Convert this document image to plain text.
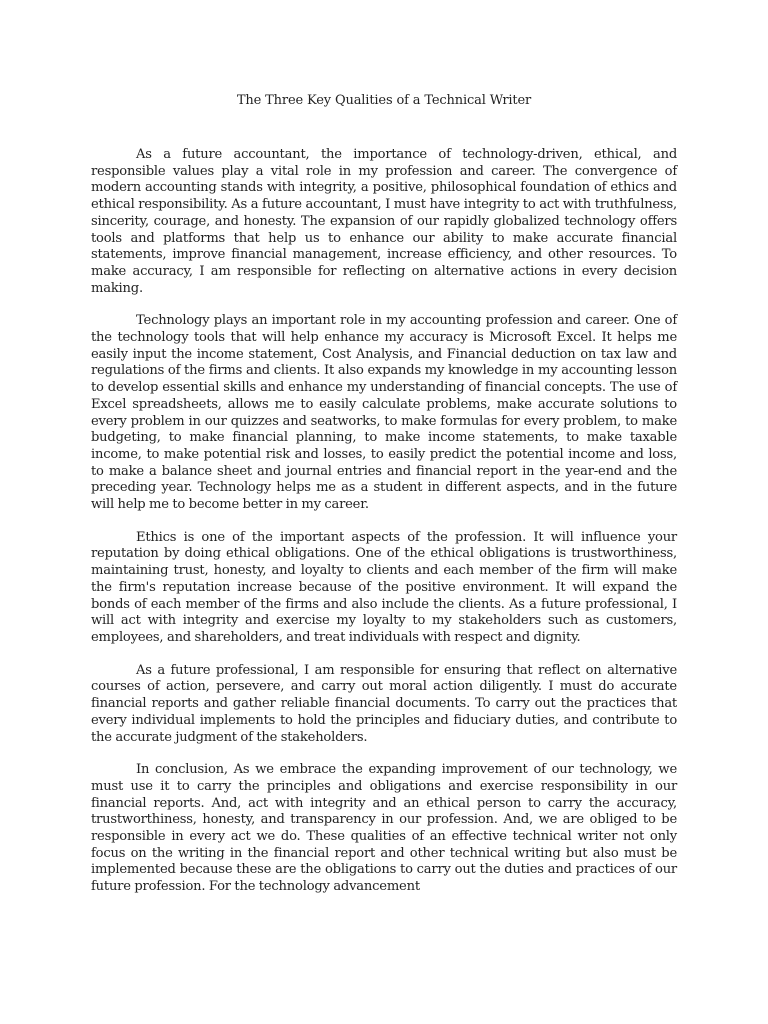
The Three Key Qualities of a Technical Writer

As a future accountant, the importance of technology-driven, ethical, and responsible values play a vital role in my profession and career. The convergence of modern accounting stands with integrity, a positive, philosophical foundation of ethics and ethical responsibility. As a future accountant, I must have integrity to act with truthfulness, sincerity, courage, and honesty. The expansion of our rapidly globalized technology offers tools and platforms that help us to enhance our ability to make accurate financial statements, improve financial management, increase efficiency, and other resources. To make accuracy, I am responsible for reflecting on alternative actions in every decision making.

Technology plays an important role in my accounting profession and career. One of the technology tools that will help enhance my accuracy is Microsoft Excel. It helps me easily input the income statement, Cost Analysis, and Financial deduction on tax law and regulations of the firms and clients. It also expands my knowledge in my accounting lesson to develop essential skills and enhance my understanding of financial concepts. The use of Excel spreadsheets, allows me to easily calculate problems, make accurate solutions to every problem in our quizzes and seatworks, to make formulas for every problem, to make budgeting, to make financial planning, to make income statements, to make taxable income, to make potential risk and losses, to easily predict the potential income and loss, to make a balance sheet and journal entries and financial report in the year-end and the preceding year. Technology helps me as a student in different aspects, and in the future will help me to become better in my career.

Ethics is one of the important aspects of the profession. It will influence your reputation by doing ethical obligations. One of the ethical obligations is trustworthiness, maintaining trust, honesty, and loyalty to clients and each member of the firm will make the firm's reputation increase because of the positive environment. It will expand the bonds of each member of the firms and also include the clients. As a future professional, I will act with integrity and exercise my loyalty to my stakeholders such as customers, employees, and shareholders, and treat individuals with respect and dignity.

As a future professional, I am responsible for ensuring that reflect on alternative courses of action, persevere, and carry out moral action diligently. I must do accurate financial reports and gather reliable financial documents. To carry out the practices that every individual implements to hold the principles and fiduciary duties, and contribute to the accurate judgment of the stakeholders.

In conclusion, As we embrace the expanding improvement of our technology, we must use it to carry the principles and obligations and exercise responsibility in our financial reports. And, act with integrity and an ethical person to carry the accuracy, trustworthiness, honesty, and transparency in our profession. And, we are obliged to be responsible in every act we do. These qualities of an effective technical writer not only focus on the writing in the financial report and other technical writing but also must be implemented because these are the obligations to carry out the duties and practices of our future profession. For the technology advancement
